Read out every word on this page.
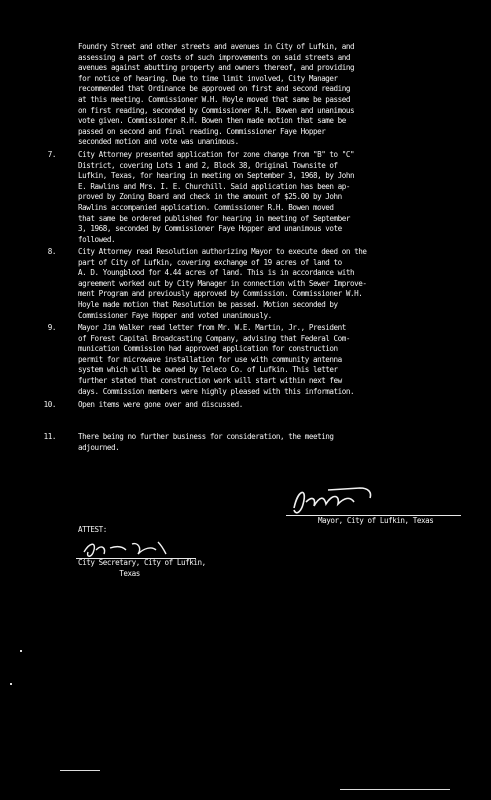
Foundry Street and other streets and avenues in City of Lufkin, and
assessing a part of costs of such improvements on said streets and
avenues against abutting property and owners thereof, and providing
for notice of hearing. Due to time limit involved, City Manager
recommended that Ordinance be approved on first and second reading
at this meeting. Commissioner W.H. Hoyle moved that same be passed
on first reading, seconded by Commissioner R.H. Bowen and unanimous
vote given. Commissioner R.H. Bowen then made motion that same be
passed on second and final reading. Commissioner Faye Hopper
seconded motion and vote was unanimous.
7.	City Attorney presented application for zone change from "B" to "C"
District, covering Lots 1 and 2, Block 38, Original Townsite of
Lufkin, Texas, for hearing in meeting on September 3, 1968, by John
E. Rawlins and Mrs. I. E. Churchill. Said application has been ap-
proved by Zoning Board and check in the amount of $25.00 by John
Rawlins accompanied application. Commissioner R.H. Bowen moved
that same be ordered published for hearing in meeting of September
3, 1968, seconded by Commissioner Faye Hopper and unanimous vote
followed.
8.	City Attorney read Resolution authorizing Mayor to execute deed on the
part of City of Lufkin, covering exchange of 19 acres of land to
A. D. Youngblood for 4.44 acres of land. This is in accordance with
agreement worked out by City Manager in connection with Sewer Improve-
ment Program and previously approved by Commission. Commissioner W.H.
Hoyle made motion that Resolution be passed. Motion seconded by
Commissioner Faye Hopper and voted unanimously.
9.	Mayor Jim Walker read letter from Mr. W.E. Martin, Jr., President
of Forest Capital Broadcasting Company, advising that Federal Com-
munication Commission had approved application for construction
permit for microwave installation for use with community antenna
system which will be owned by Teleco Co. of Lufkin. This letter
further stated that construction work will start within next few
days. Commission members were highly pleased with this information.
10.	Open items were gone over and discussed.
11.	There being no further business for consideration, the meeting
adjourned.
Mayor, City of Lufkin, Texas
ATTEST:
City Secretary, City of Lufkin,
Texas
